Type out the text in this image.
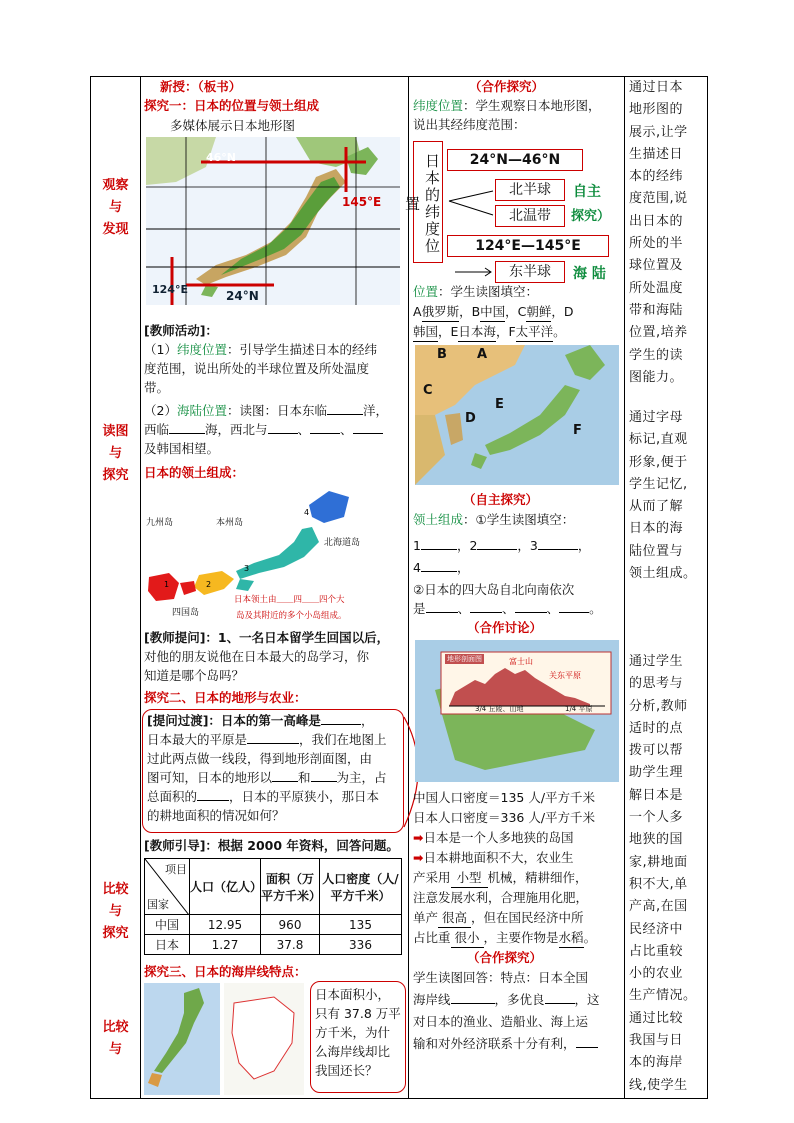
观察
与
发现
读图
与
探究
比较
与
探究
比较
与
新授：（板书）
探究一：日本的位置与领土组成
多媒体展示日本地形图
46°N
145°E
124°E	24°N
[教师活动]：
（1）纬度位置：引导学生描述日本的经纬
度范围，说出所处的半球位置及所处温度
带。
（2）海陆位置：读图：日本东临	洋，
西临	海，西北与 、 、
及韩国相望。
日本的领土组成：
4
3
1	2
九州岛	本州岛
北海道岛
四国岛
日本领土由＿＿四＿＿四个大
岛及其附近的多个小岛组成。
[教师提问]：1、一名日本留学生回国以后，
对他的朋友说他在日本最大的岛学习，你
知道是哪个岛吗？
探究二、日本的地形与农业：
[提问过渡]：日本的第一高峰是	，
日本最大的平原是	，我们在地图上
过此两点做一线段，得到地形剖面图，由
图可知，日本的地形以 和 为主，占
总面积的	，日本的平原狭小，那日本
的耕地面积的情况如何？
[教师引导]：根据 2000 年资料，回答问题。
项目
国家	人口（亿人）	面积（万平方千米）	人口密度（人/平方千米）
中国	12.95	960	135
日本	1.27	37.8	336
探究三、日本的海岸线特点：
日本面积小，只有 37.8 万平方千米，为什么海岸线却比我国还长？
（合作探究）
纬度位置：学生观察日本地形图，
说出其经纬度范围：
日本的纬度位置
24°N—46°N
北半球
北温带
自主
探究）
124°E—145°E
东半球	海 陆
位置：学生读图填空：
A俄罗斯，B中国，C朝鲜，D
韩国，E日本海，F太平洋。
B A
C
D
E
F
（自主探究）
领土组成：①学生读图填空：
1	，2	，3	，
4	，
②日本的四大岛自北向南依次
是	、	、	、 。
（合作讨论）
地形剖面图	富士山
关东平原
3/4 丘陵、山地	1/4 平原
中国人口密度＝135 人/平方千米
日本人口密度＝336 人/平方千米
➡日本是一个人多地狭的岛国
➡日本耕地面积不大，农业生
产采用 小型 机械，精耕细作，
注意发展水利，合理施用化肥，
单产 很高 ，但在国民经济中所
占比重 很小 ，主要作物是水稻。
（合作探究）
学生读图回答：特点：日本全国
海岸线	，多优良 ，这
对日本的渔业、造船业、海上运
输和对外经济联系十分有利，
通过日本
地形图的
展示,让学
生描述日
本的经纬
度范围,说
出日本的
所处的半
球位置及
所处温度
带和海陆
位置,培养
学生的读
图能力。
通过字母
标记,直观
形象,便于
学生记忆,
从而了解
日本的海
陆位置与
领土组成。
通过学生
的思考与
分析,教师
适时的点
拨可以帮
助学生理
解日本是
一个人多
地狭的国
家,耕地面
积不大,单
产高,在国
民经济中
占比重较
小的农业
生产情况。
通过比较
我国与日
本的海岸
线,使学生
